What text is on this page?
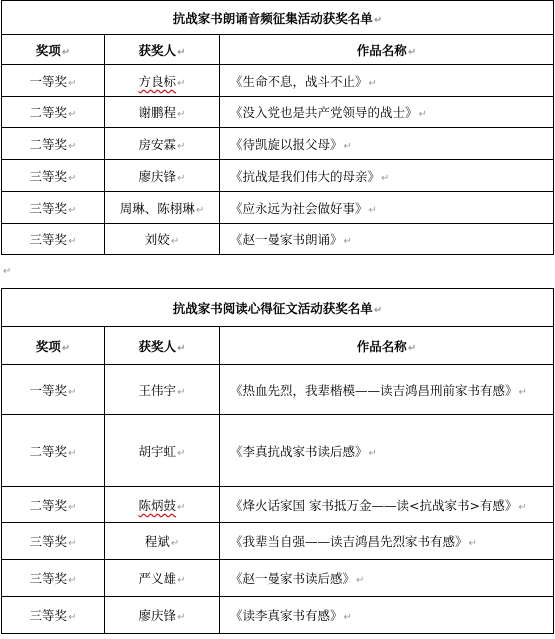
抗战家书朗诵音频征集活动获奖名单↵		
奖项↵	获奖人↵	作品名称↵
一等奖↵	方良标↵	《生命不息，战斗不止》↵
二等奖↵	谢鹏程↵	《没入党也是共产党领导的战士》↵
二等奖↵	房安霖↵	《待凯旋以报父母》↵
三等奖↵	廖庆锋↵	《抗战是我们伟大的母亲》↵
三等奖↵	周琳、陈栩琳↵	《应永远为社会做好事》↵
三等奖↵	刘姣↵	《赵一曼家书朗诵》↵
↵
抗战家书阅读心得征文活动获奖名单↵		
奖项↵	获奖人↵	作品名称↵
一等奖↵	王伟宇↵	《热血先烈，我辈楷模——读吉鸿昌刑前家书有感》↵
二等奖↵	胡宇虹↵	《李真抗战家书读后感》↵
二等奖↵	陈炳鼓↵	《烽火话家国 家书抵万金——读<抗战家书>有感》↵
三等奖↵	程斌↵	《我辈当自强——读吉鸿昌先烈家书有感》↵
三等奖↵	严义雄↵	《赵一曼家书读后感》↵
三等奖↵	廖庆锋↵	《读李真家书有感》↵
